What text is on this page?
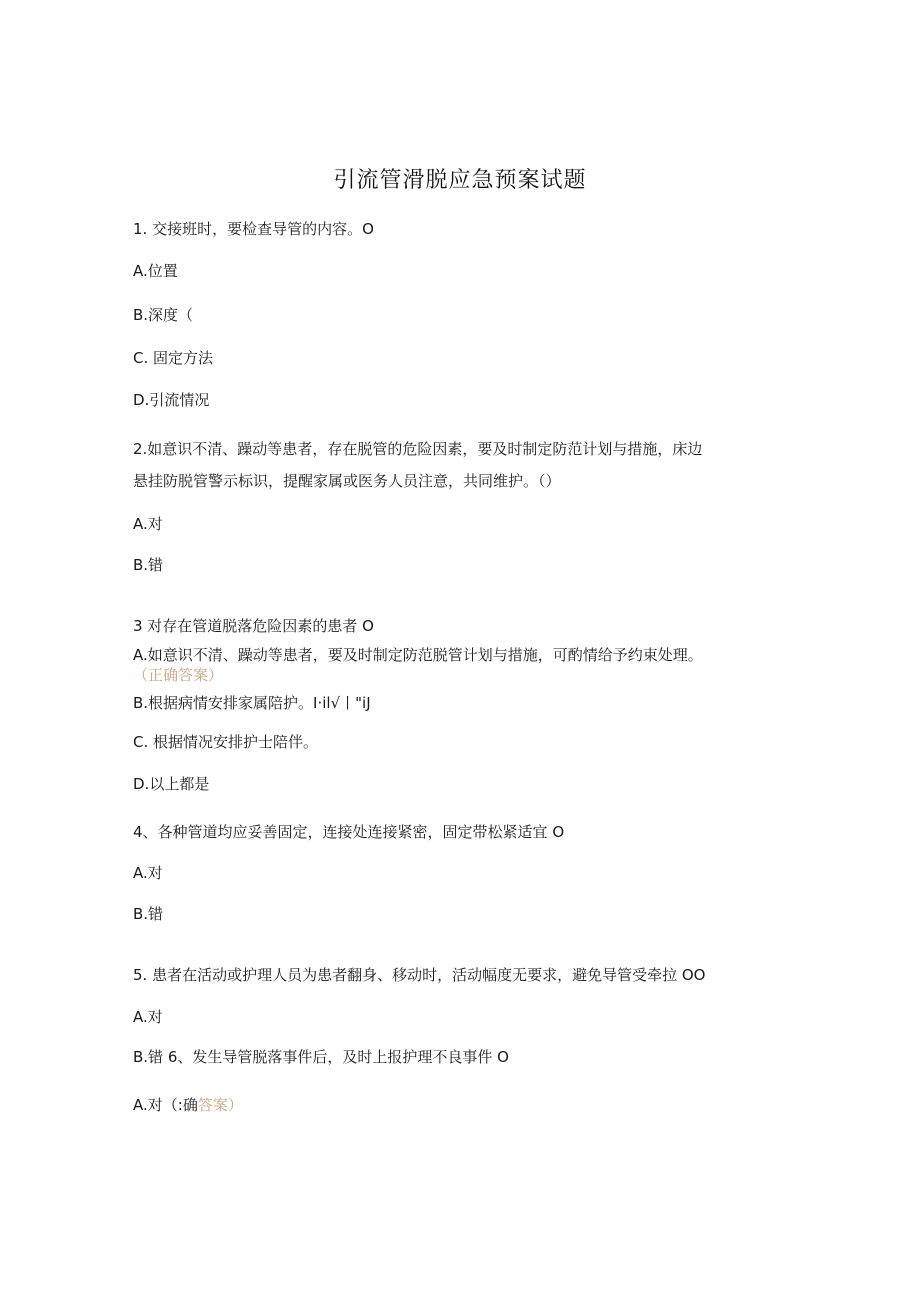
引流管滑脱应急预案试题
1. 交接班时，要检查导管的内容。O
A.位置
B.深度（
C. 固定方法
D.引流情况
2.如意识不清、躁动等患者，存在脱管的危险因素，要及时制定防范计划与措施，床边
悬挂防脱管警示标识，提醒家属或医务人员注意，共同维护。（）
A.对
B.错
3 对存在管道脱落危险因素的患者 O
A.如意识不清、躁动等患者，要及时制定防范脱管计划与措施，可酌情给予约束处理。
（正确答案）
B.根据病情安排家属陪护。I·il√丨"iJ
C. 根据情况安排护士陪伴。
D.以上都是
4、各种管道均应妥善固定，连接处连接紧密，固定带松紧适宜 O
A.对
B.错
5. 患者在活动或护理人员为患者翻身、移动时，活动幅度无要求，避免导管受牵拉 OO
A.对
B.错 6、发生导管脱落事件后，及时上报护理不良事件 O
A.对（:确答案）
